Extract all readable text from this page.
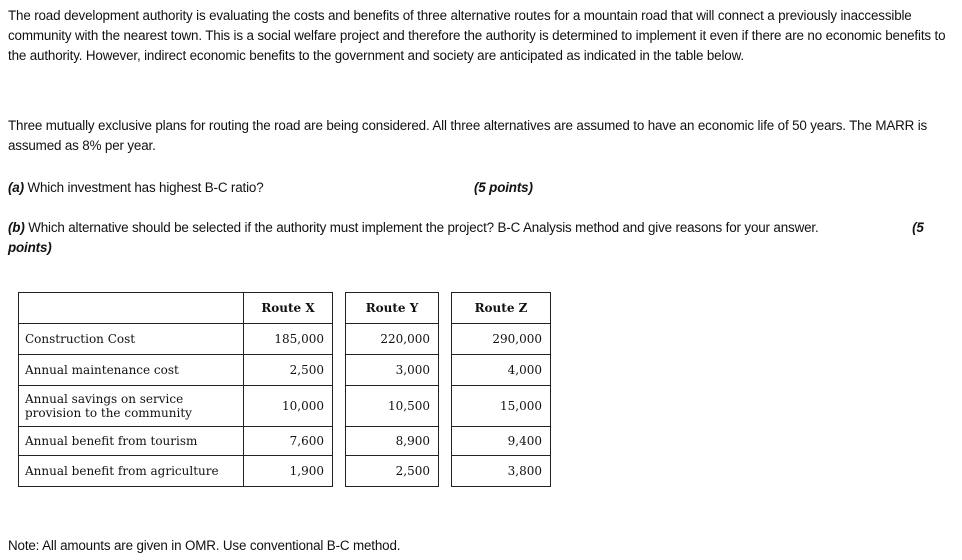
The road development authority is evaluating the costs and benefits of three alternative routes for a mountain road that will connect a previously inaccessible community with the nearest town. This is a social welfare project and therefore the authority is determined to implement it even if there are no economic benefits to the authority. However, indirect economic benefits to the government and society are anticipated as indicated in the table below.

Three mutually exclusive plans for routing the road are being considered. All three alternatives are assumed to have an economic life of 50 years. The MARR is assumed as 8% per year.

(a) Which investment has highest B-C ratio?	(5 points)

(b) Which alternative should be selected if the authority must implement the project? B-C Analysis method and give reasons for your answer.	(5 points)

	Route X		Route Y		Route Z
Construction Cost	185,000		220,000		290,000
Annual maintenance cost	2,500		3,000		4,000
Annual savings on service provision to the community	10,000		10,500		15,000
Annual benefit from tourism	7,600		8,900		9,400
Annual benefit from agriculture	1,900		2,500		3,800

Note: All amounts are given in OMR. Use conventional B-C method.
